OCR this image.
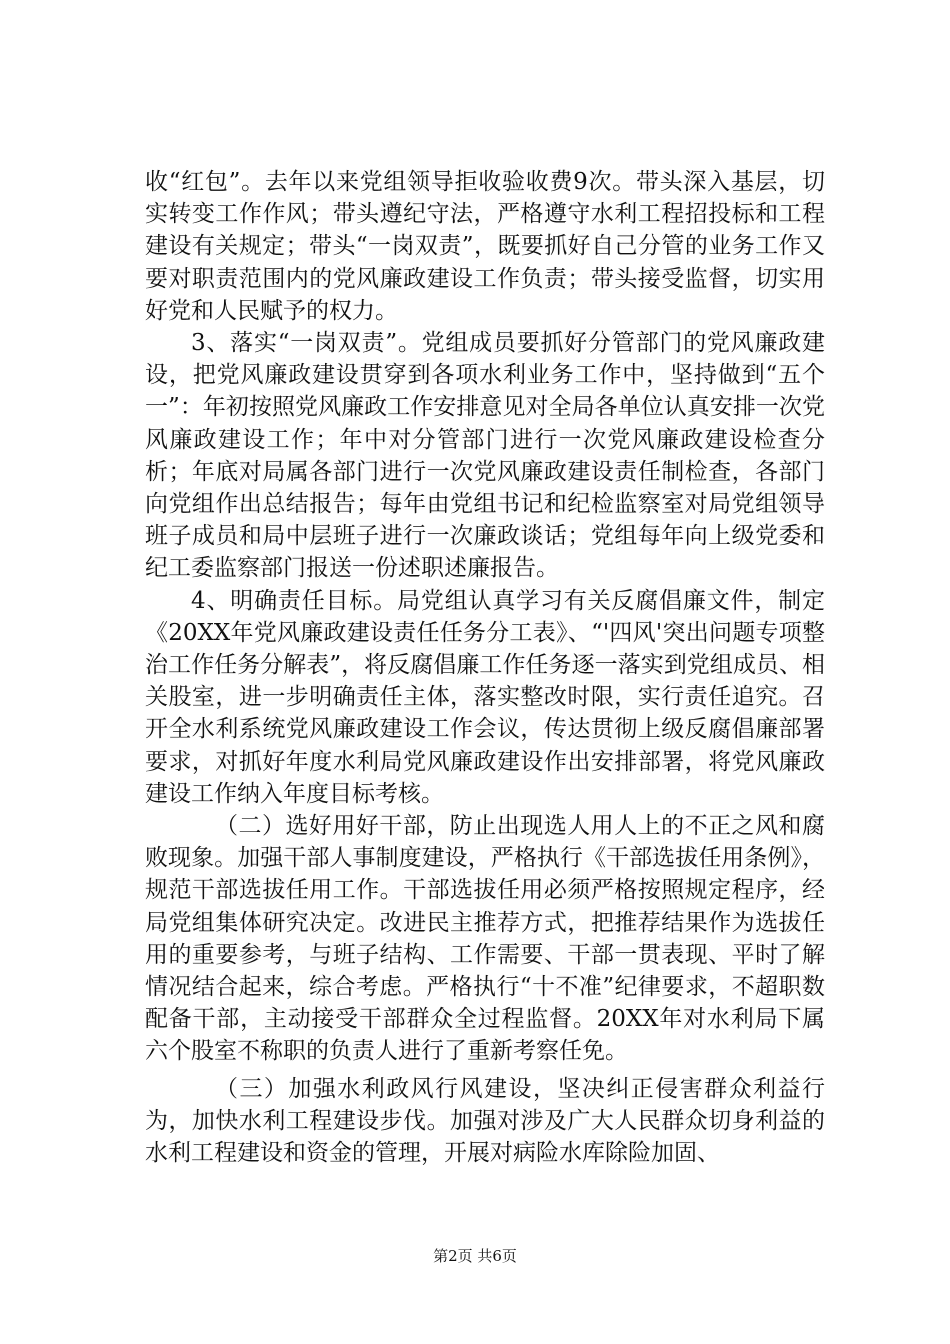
收“红包”。去年以来党组领导拒收验收费9次。带头深入基层，切实转变工作作风；带头遵纪守法，严格遵守水利工程招投标和工程建设有关规定；带头“一岗双责”，既要抓好自己分管的业务工作又要对职责范围内的党风廉政建设工作负责；带头接受监督，切实用好党和人民赋予的权力。

3、落实“一岗双责”。党组成员要抓好分管部门的党风廉政建设，把党风廉政建设贯穿到各项水利业务工作中，坚持做到“五个一”：年初按照党风廉政工作安排意见对全局各单位认真安排一次党风廉政建设工作；年中对分管部门进行一次党风廉政建设检查分析；年底对局属各部门进行一次党风廉政建设责任制检查，各部门向党组作出总结报告；每年由党组书记和纪检监察室对局党组领导班子成员和局中层班子进行一次廉政谈话；党组每年向上级党委和纪工委监察部门报送一份述职述廉报告。

4、明确责任目标。局党组认真学习有关反腐倡廉文件，制定《20XX年党风廉政建设责任任务分工表》、“'四风'突出问题专项整治工作任务分解表”，将反腐倡廉工作任务逐一落实到党组成员、相关股室，进一步明确责任主体，落实整改时限，实行责任追究。召开全水利系统党风廉政建设工作会议，传达贯彻上级反腐倡廉部署要求，对抓好年度水利局党风廉政建设作出安排部署，将党风廉政建设工作纳入年度目标考核。

（二）选好用好干部，防止出现选人用人上的不正之风和腐败现象。加强干部人事制度建设，严格执行《干部选拔任用条例》，规范干部选拔任用工作。干部选拔任用必须严格按照规定程序，经局党组集体研究决定。改进民主推荐方式，把推荐结果作为选拔任用的重要参考，与班子结构、工作需要、干部一贯表现、平时了解情况结合起来，综合考虑。严格执行“十不准”纪律要求，不超职数配备干部，主动接受干部群众全过程监督。20XX年对水利局下属六个股室不称职的负责人进行了重新考察任免。

（三）加强水利政风行风建设，坚决纠正侵害群众利益行为，加快水利工程建设步伐。加强对涉及广大人民群众切身利益的水利工程建设和资金的管理，开展对病险水库除险加固、

第2页 共6页
